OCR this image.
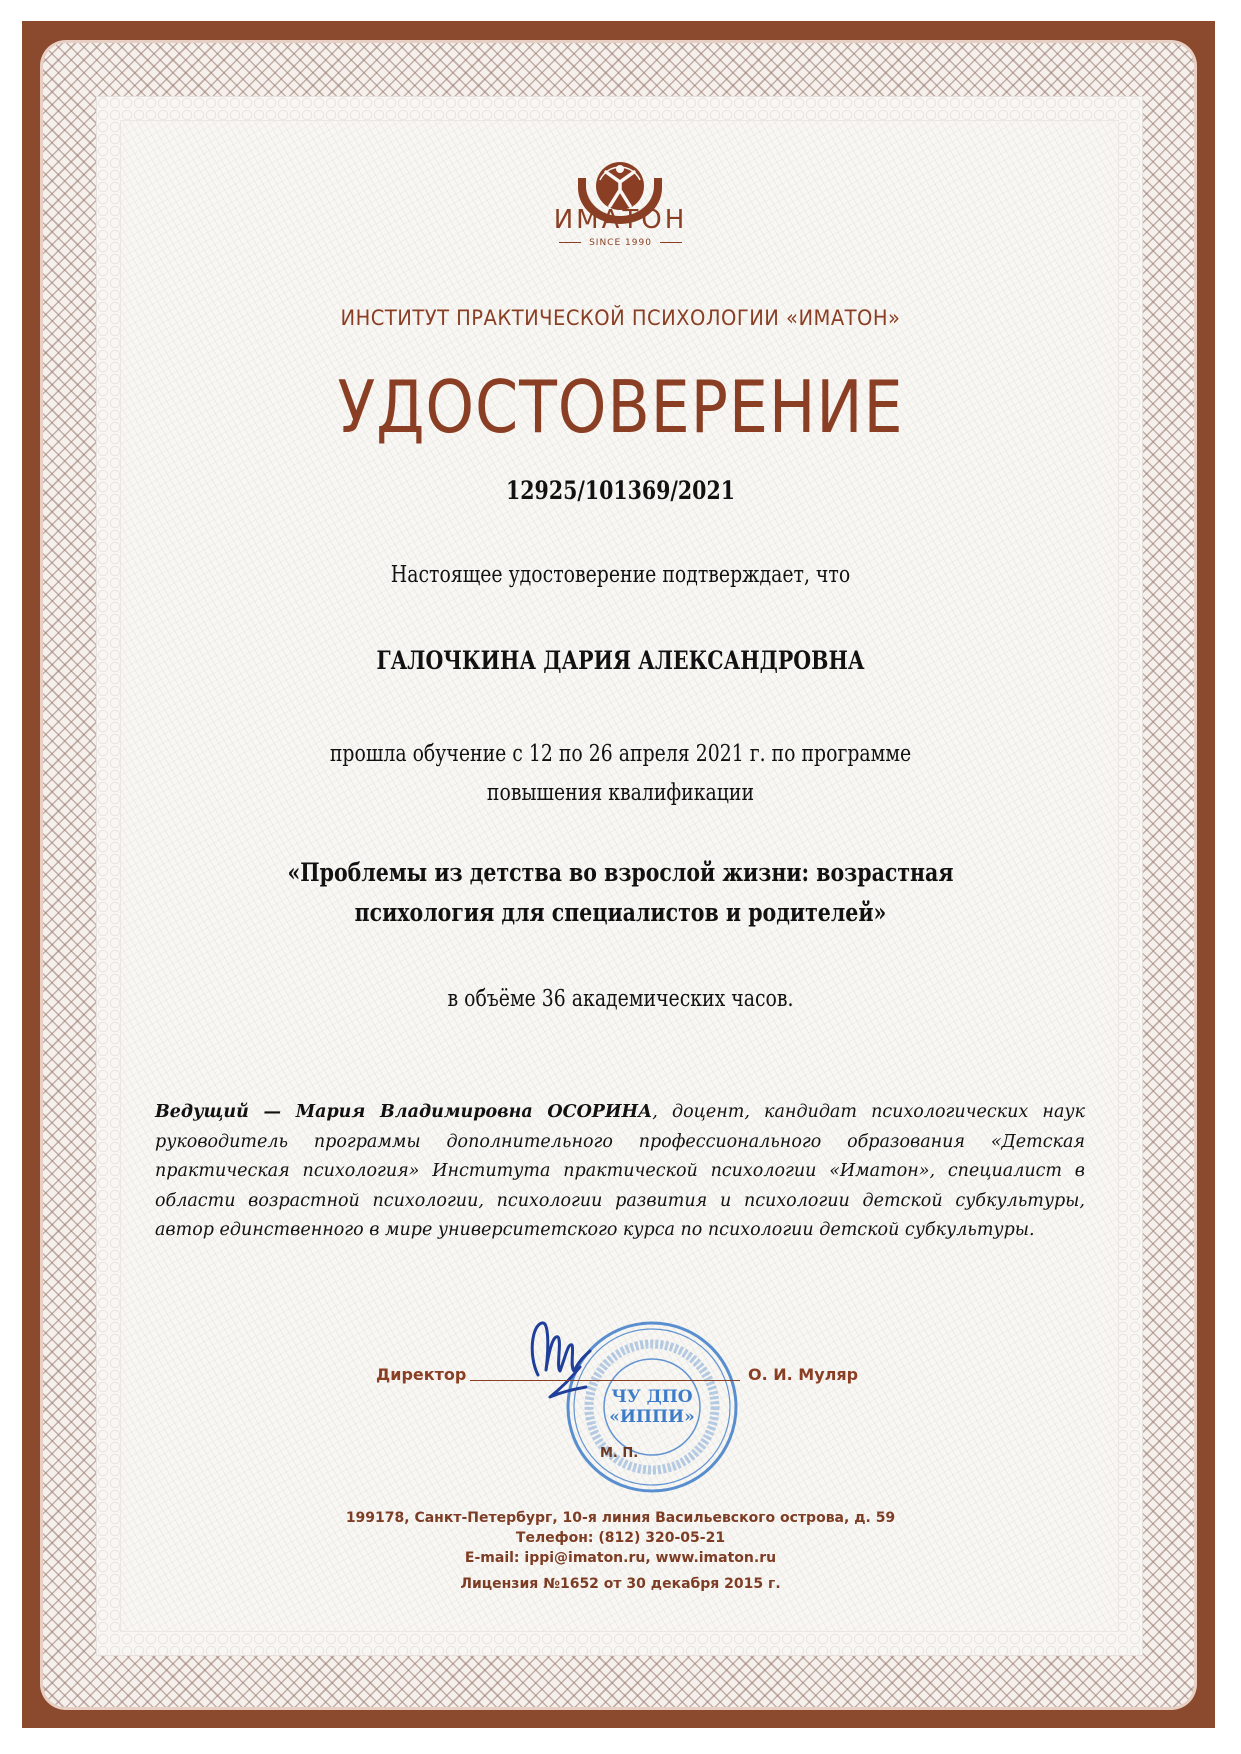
ИМАТОН
SINCE 1990
ИНСТИТУТ ПРАКТИЧЕСКОЙ ПСИХОЛОГИИ «ИМАТОН»
УДОСТОВЕРЕНИЕ
12925/101369/2021
Настоящее удостоверение подтверждает, что
ГАЛОЧКИНА ДАРИЯ АЛЕКСАНДРОВНА
прошла обучение с 12 по 26 апреля 2021 г. по программе
повышения квалификации
«Проблемы из детства во взрослой жизни: возрастная
психология для специалистов и родителей»
в объёме 36 академических часов.
Ведущий — Мария Владимировна ОСОРИНА, доцент, кандидат психологических наук руководитель программы дополнительного профессионального образования «Детская практическая психология» Института практической психологии «Иматон», специалист в области возрастной психологии, психологии развития и психологии детской субкультуры, автор единственного в мире университетского курса по психологии детской субкультуры.
ЧУ ДПО
«ИППИ»
Директор	О. И. Муляр
М. П.
199178, Санкт-Петербург, 10-я линия Васильевского острова, д. 59
Телефон: (812) 320-05-21
E-mail: ippi@imaton.ru, www.imaton.ru
Лицензия №1652 от 30 декабря 2015 г.
